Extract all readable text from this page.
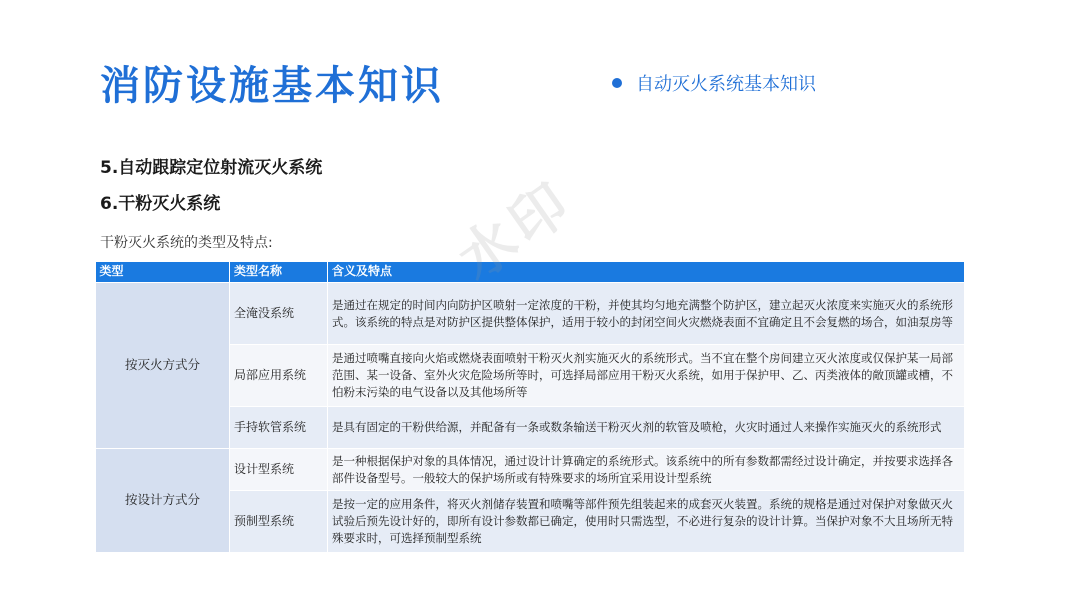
消防设施基本知识	自动灭火系统基本知识
5.自动跟踪定位射流灭火系统
6.干粉灭火系统
干粉灭火系统的类型及特点:
类型	类型名称	含义及特点
按灭火方式分	全淹没系统	是通过在规定的时间内向防护区喷射一定浓度的干粉，并使其均匀地充满整个防护区，建立起灭火浓度来实施灭火的系统形式。该系统的特点是对防护区提供整体保护，适用于较小的封闭空间火灾燃烧表面不宜确定且不会复燃的场合，如油泵房等
	局部应用系统	是通过喷嘴直接向火焰或燃烧表面喷射干粉灭火剂实施灭火的系统形式。当不宜在整个房间建立灭火浓度或仅保护某一局部范围、某一设备、室外火灾危险场所等时，可选择局部应用干粉灭火系统，如用于保护甲、乙、丙类液体的敞顶罐或槽，不怕粉末污染的电气设备以及其他场所等
	手持软管系统	是具有固定的干粉供给源，并配备有一条或数条输送干粉灭火剂的软管及喷枪，火灾时通过人来操作实施灭火的系统形式
按设计方式分	设计型系统	是一种根据保护对象的具体情况，通过设计计算确定的系统形式。该系统中的所有参数都需经过设计确定，并按要求选择各部件设备型号。一般较大的保护场所或有特殊要求的场所宜采用设计型系统
	预制型系统	是按一定的应用条件，将灭火剂储存装置和喷嘴等部件预先组装起来的成套灭火装置。系统的规格是通过对保护对象做灭火试验后预先设计好的，即所有设计参数都已确定，使用时只需选型，不必进行复杂的设计计算。当保护对象不大且场所无特殊要求时，可选择预制型系统
水印
